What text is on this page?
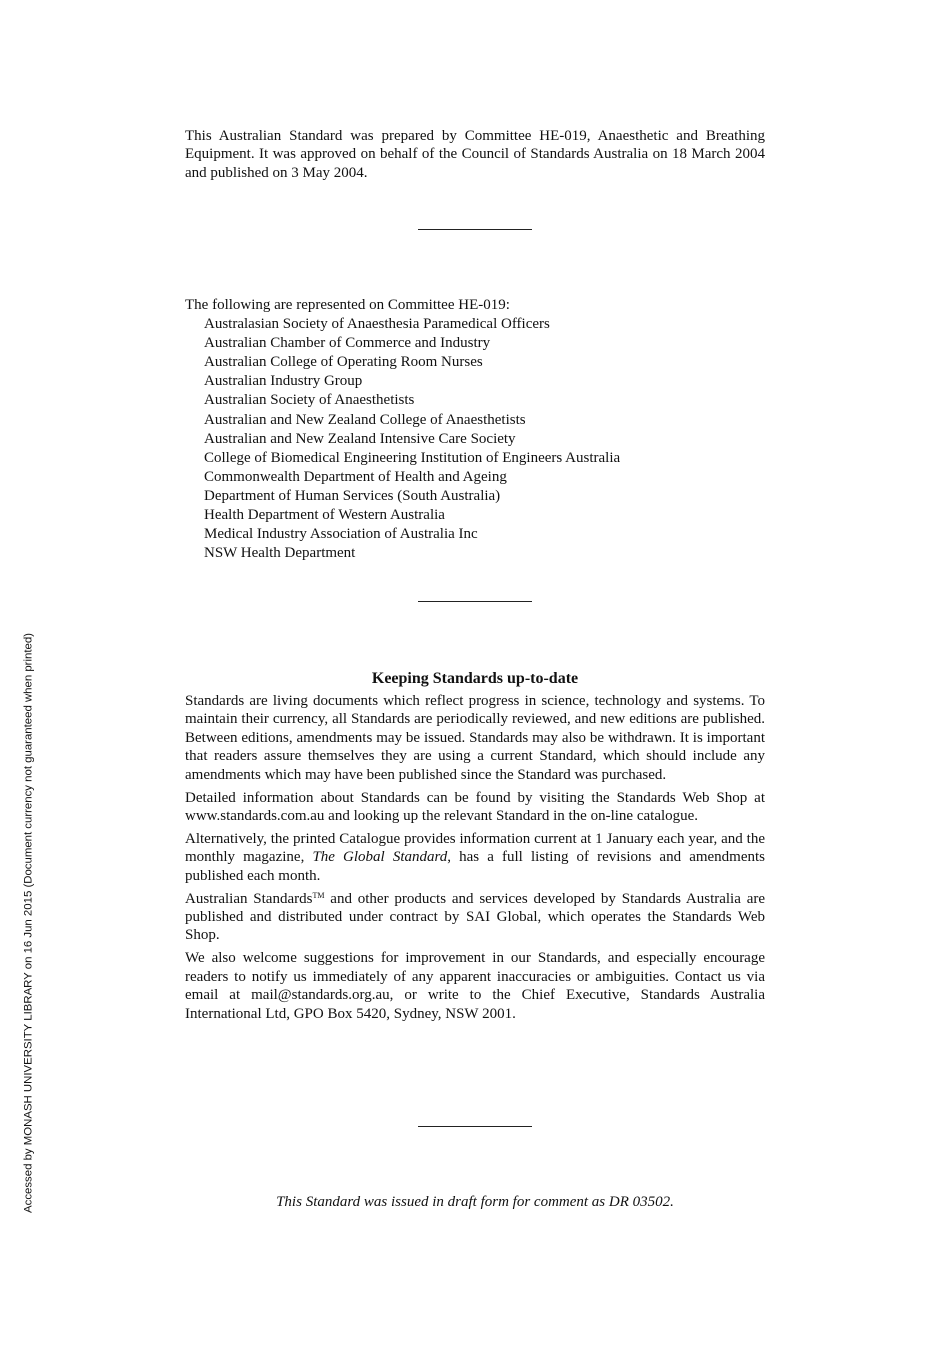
Accessed by MONASH UNIVERSITY LIBRARY on 16 Jun 2015 (Document currency not guaranteed when printed)

This Australian Standard was prepared by Committee HE-019, Anaesthetic and Breathing Equipment. It was approved on behalf of the Council of Standards Australia on 18 March 2004 and published on 3 May 2004.

The following are represented on Committee HE-019:
Australasian Society of Anaesthesia Paramedical Officers
Australian Chamber of Commerce and Industry
Australian College of Operating Room Nurses
Australian Industry Group
Australian Society of Anaesthetists
Australian and New Zealand College of Anaesthetists
Australian and New Zealand Intensive Care Society
College of Biomedical Engineering Institution of Engineers Australia
Commonwealth Department of Health and Ageing
Department of Human Services (South Australia)
Health Department of Western Australia
Medical Industry Association of Australia Inc
NSW Health Department
Keeping Standards up-to-date

Standards are living documents which reflect progress in science, technology and systems. To maintain their currency, all Standards are periodically reviewed, and new editions are published. Between editions, amendments may be issued. Standards may also be withdrawn. It is important that readers assure themselves they are using a current Standard, which should include any amendments which may have been published since the Standard was purchased.

Detailed information about Standards can be found by visiting the Standards Web Shop at www.standards.com.au and looking up the relevant Standard in the on-line catalogue.

Alternatively, the printed Catalogue provides information current at 1 January each year, and the monthly magazine, The Global Standard, has a full listing of revisions and amendments published each month.

Australian Standards™ and other products and services developed by Standards Australia are published and distributed under contract by SAI Global, which operates the Standards Web Shop.

We also welcome suggestions for improvement in our Standards, and especially encourage readers to notify us immediately of any apparent inaccuracies or ambiguities. Contact us via email at mail@standards.org.au, or write to the Chief Executive, Standards Australia International Ltd, GPO Box 5420, Sydney, NSW 2001.

This Standard was issued in draft form for comment as DR 03502.
